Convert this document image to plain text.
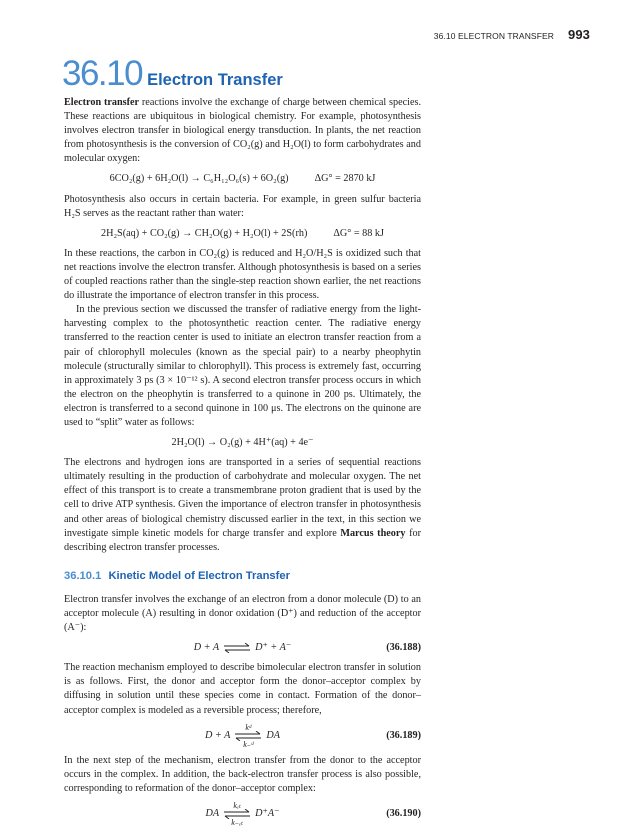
36.10 ELECTRON TRANSFER 993
36.10 Electron Transfer

Electron transfer reactions involve the exchange of charge between chemical species. These reactions are ubiquitous in biological chemistry. For example, photosynthesis involves electron transfer in biological energy transduction. In plants, the net reaction from photosynthesis is the conversion of CO₂(g) and H₂O(l) to form carbohydrates and molecular oxygen:

6CO₂(g) + 6H₂O(l) → C₆H₁₂O₆(s) + 6O₂(g)	ΔG° = 2870 kJ

Photosynthesis also occurs in certain bacteria. For example, in green sulfur bacteria H₂S serves as the reactant rather than water:

2H₂S(aq) + CO₂(g) → CH₂O(g) + H₂O(l) + 2S(rh)	ΔG° = 88 kJ

In these reactions, the carbon in CO₂(g) is reduced and H₂O/H₂S is oxidized such that net reactions involve the electron transfer. Although photosynthesis is based on a series of coupled reactions rather than the single-step reaction shown earlier, the net reactions do illustrate the importance of electron transfer in this process.

In the previous section we discussed the transfer of radiative energy from the light-harvesting complex to the photosynthetic reaction center. The radiative energy transferred to the reaction center is used to initiate an electron transfer reaction from a pair of chlorophyll molecules (known as the special pair) to a nearby pheophytin molecule (structurally similar to chlorophyll). This process is extremely fast, occurring in approximately 3 ps (3 × 10⁻¹² s). A second electron transfer process occurs in which the electron on the pheophytin is transferred to a quinone in 200 ps. Ultimately, the electron is transferred to a second quinone in 100 μs. The electrons on the quinone are used to “split” water as follows:

2H₂O(l) → O₂(g) + 4H⁺(aq) + 4e⁻

The electrons and hydrogen ions are transported in a series of sequential reactions ultimately resulting in the production of carbohydrate and molecular oxygen. The net effect of this transport is to create a transmembrane proton gradient that is used by the cell to drive ATP synthesis. Given the importance of electron transfer in photosynthesis and other areas of biological chemistry discussed earlier in the text, in this section we investigate simple kinetic models for charge transfer and explore Marcus theory for describing electron transfer processes.

36.10.1 Kinetic Model of Electron Transfer

Electron transfer involves the exchange of an electron from a donor molecule (D) to an acceptor molecule (A) resulting in donor oxidation (D⁺) and reduction of the acceptor (A⁻):

D + A ⇌ D⁺ + A⁻	(36.188)

The reaction mechanism employed to describe bimolecular electron transfer in solution is as follows. First, the donor and acceptor form the donor–acceptor complex by diffusing in solution until these species come in contact. Formation of the donor–acceptor complex is modeled as a reversible process; therefore,

D + A
kᵈ
k₋ᵈ
DA	(36.189)

In the next step of the mechanism, electron transfer from the donor to the acceptor occurs in the complex. In addition, the back-electron transfer process is also possible, corresponding to reformation of the donor–acceptor complex:

DA
kₑₜ
k₋ₑₜ
D⁺A⁻	(36.190)
